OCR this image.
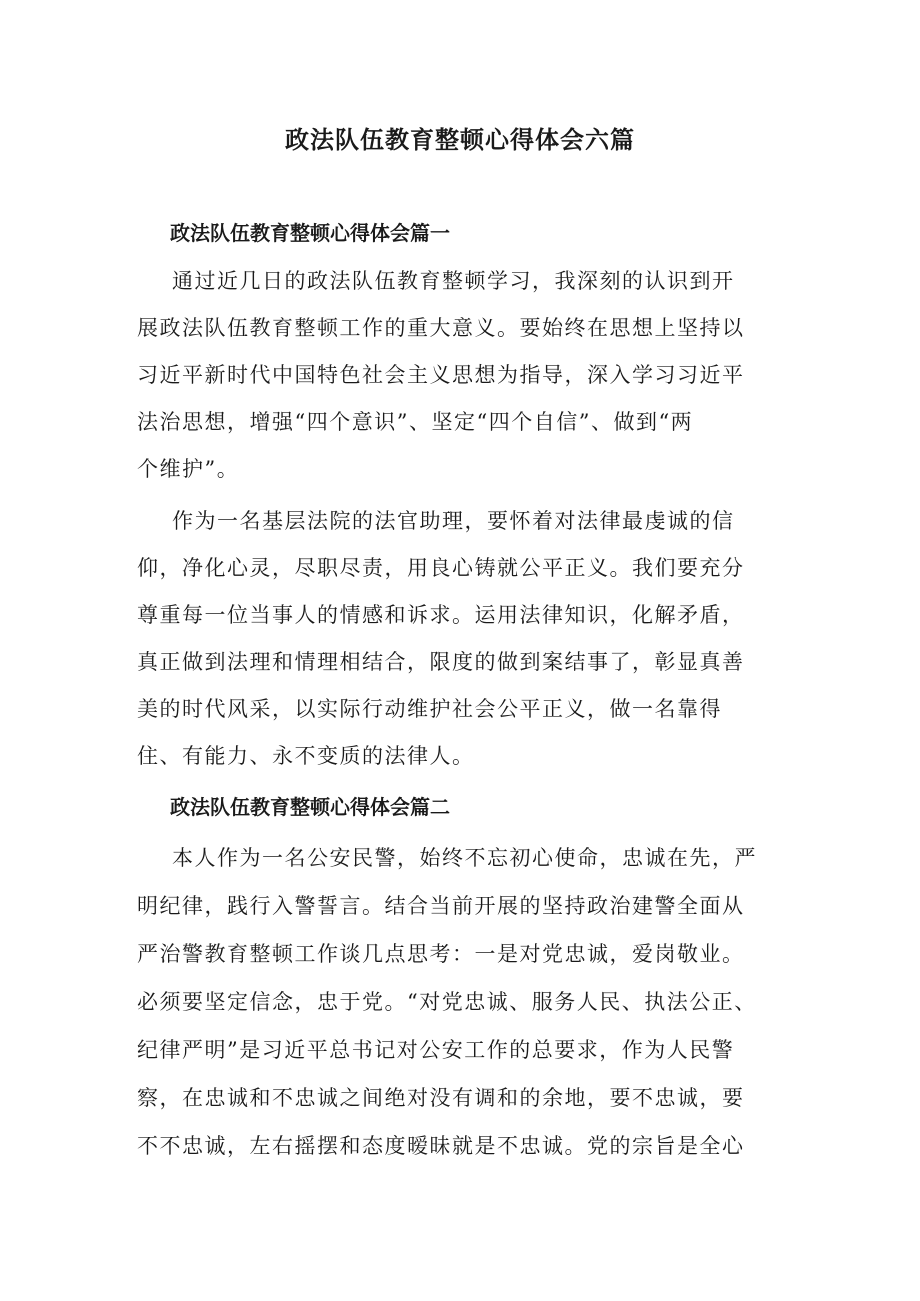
政法队伍教育整顿心得体会六篇
政法队伍教育整顿心得体会篇一
通过近几日的政法队伍教育整顿学习，我深刻的认识到开
展政法队伍教育整顿工作的重大意义。要始终在思想上坚持以
习近平新时代中国特色社会主义思想为指导，深入学习习近平
法治思想，增强“四个意识”、坚定“四个自信”、做到“两
个维护”。
作为一名基层法院的法官助理，要怀着对法律最虔诚的信
仰，净化心灵，尽职尽责，用良心铸就公平正义。我们要充分
尊重每一位当事人的情感和诉求。运用法律知识，化解矛盾，
真正做到法理和情理相结合，限度的做到案结事了，彰显真善
美的时代风采，以实际行动维护社会公平正义，做一名靠得
住、有能力、永不变质的法律人。
政法队伍教育整顿心得体会篇二
本人作为一名公安民警，始终不忘初心使命，忠诚在先，严
明纪律，践行入警誓言。结合当前开展的坚持政治建警全面从
严治警教育整顿工作谈几点思考：一是对党忠诚，爱岗敬业。
必须要坚定信念，忠于党。“对党忠诚、服务人民、执法公正、
纪律严明”是习近平总书记对公安工作的总要求，作为人民警
察，在忠诚和不忠诚之间绝对没有调和的余地，要不忠诚，要
不不忠诚，左右摇摆和态度暧昧就是不忠诚。党的宗旨是全心
